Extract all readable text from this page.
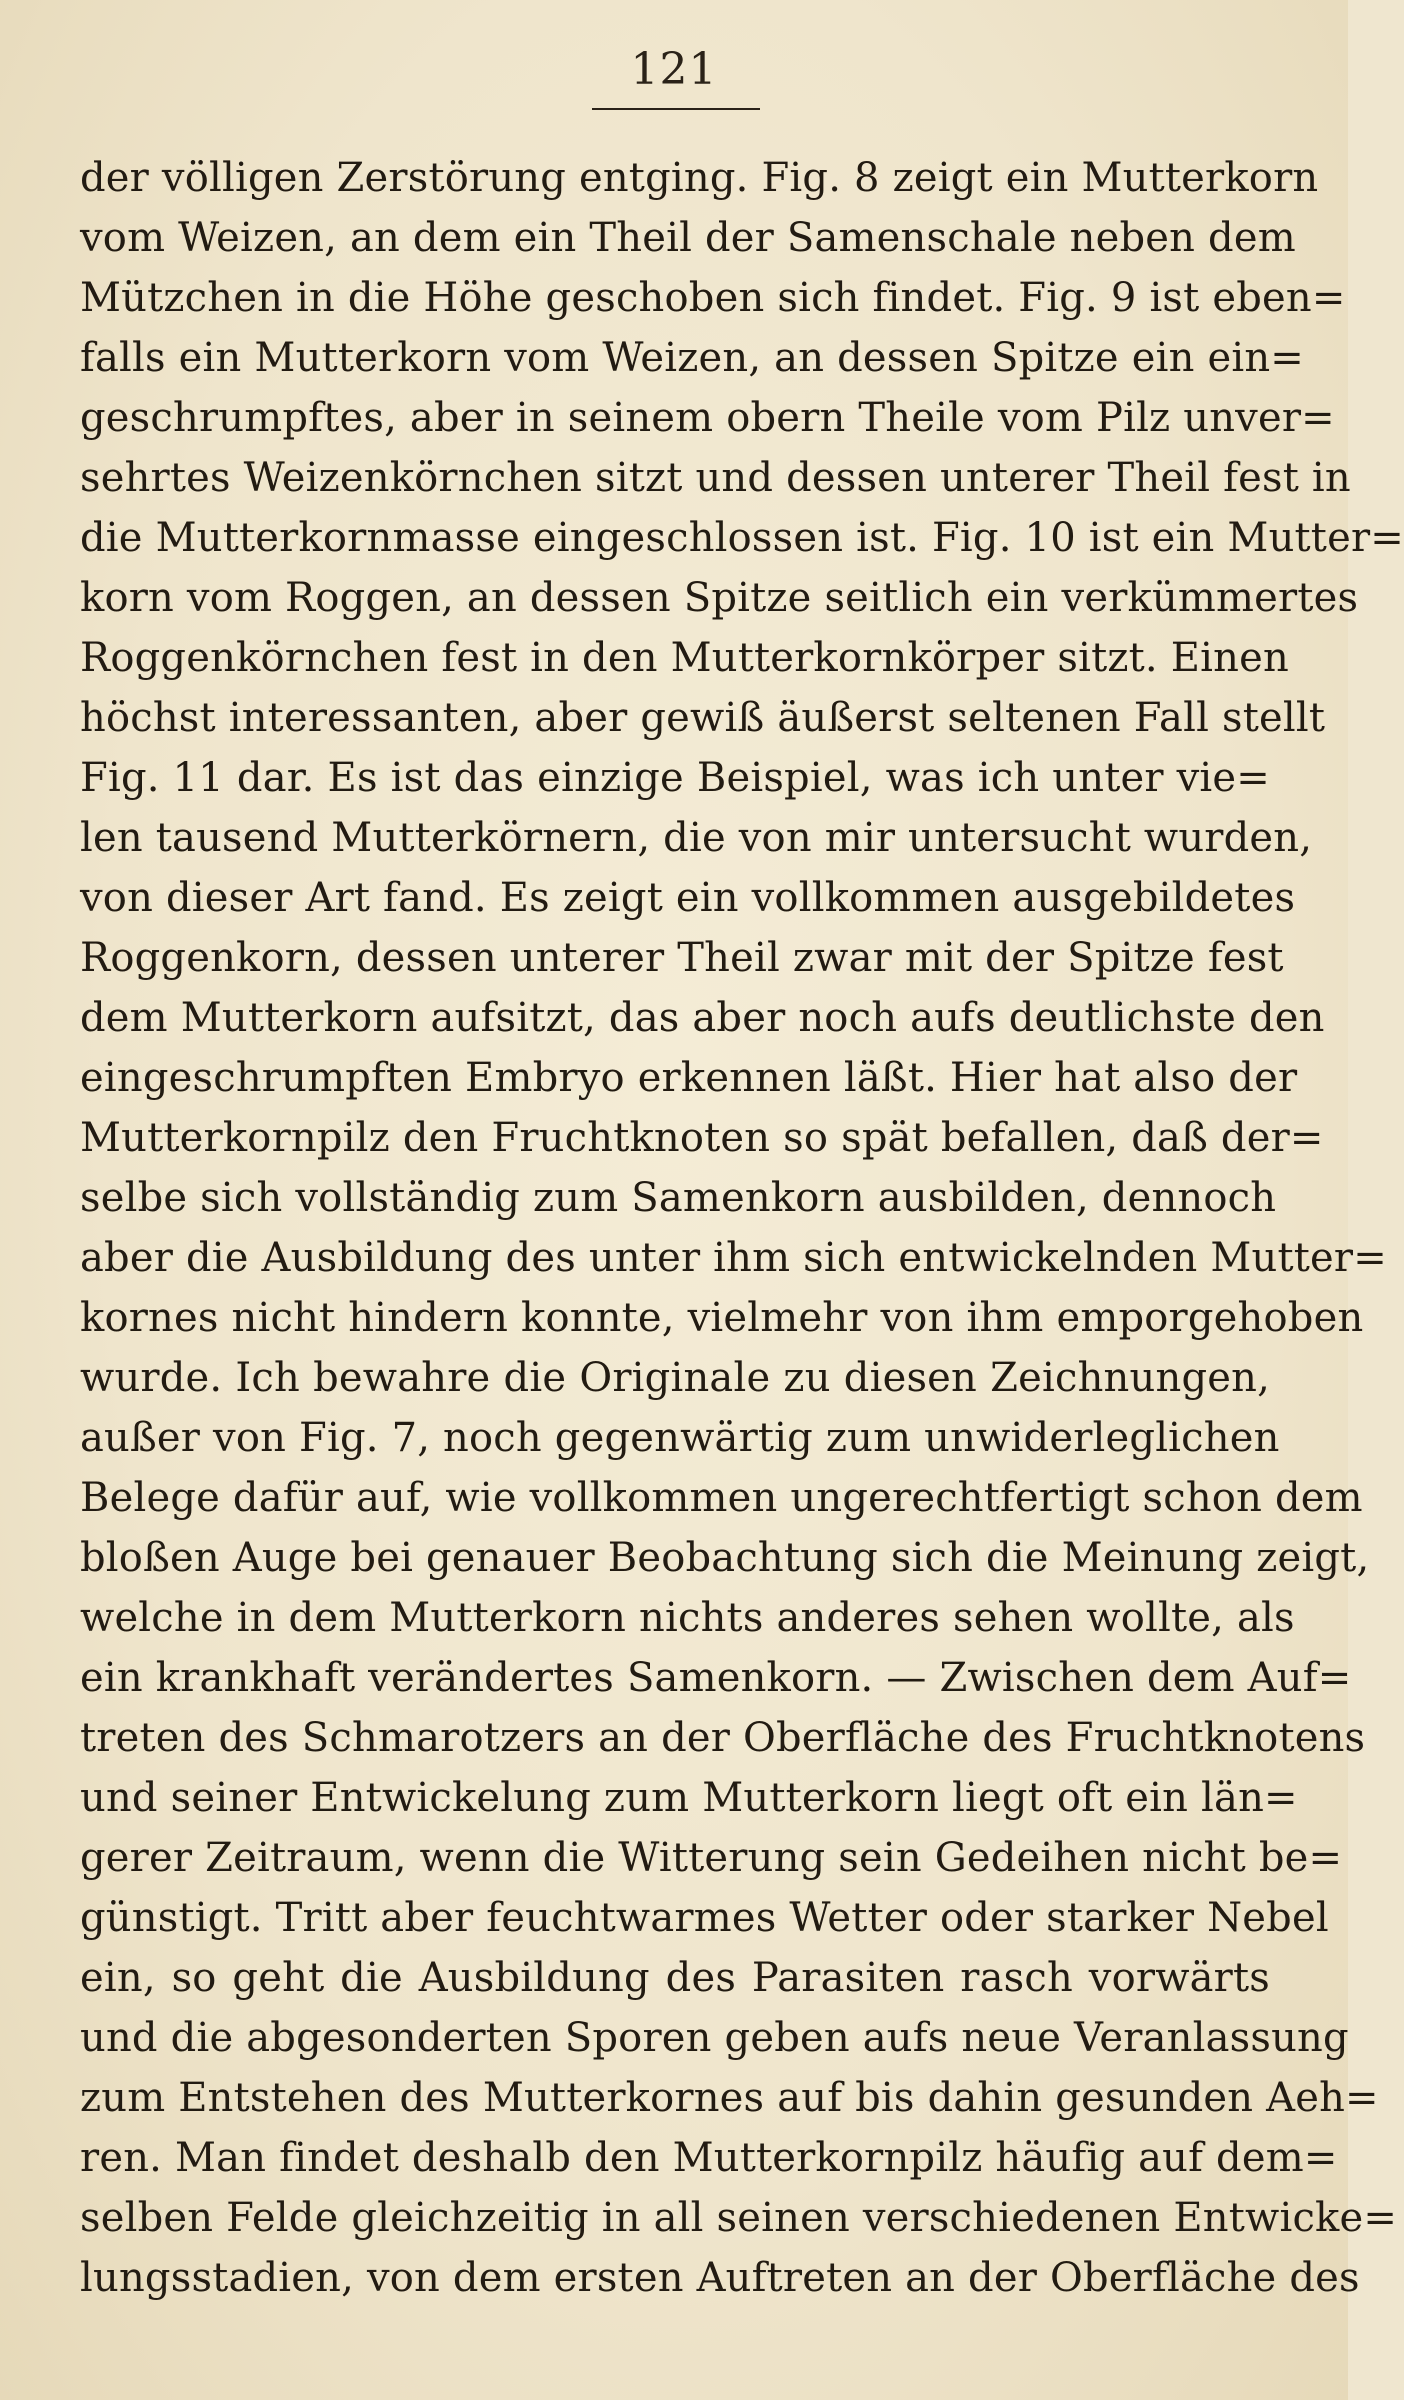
121
der völligen Zerstörung entging. Fig. 8 zeigt ein Mutterkorn
vom Weizen, an dem ein Theil der Samenschale neben dem
Mützchen in die Höhe geschoben sich findet. Fig. 9 ist eben=
falls ein Mutterkorn vom Weizen, an dessen Spitze ein ein=
geschrumpftes, aber in seinem obern Theile vom Pilz unver=
sehrtes Weizenkörnchen sitzt und dessen unterer Theil fest in
die Mutterkornmasse eingeschlossen ist. Fig. 10 ist ein Mutter=
korn vom Roggen, an dessen Spitze seitlich ein verkümmertes
Roggenkörnchen fest in den Mutterkornkörper sitzt. Einen
höchst interessanten, aber gewiß äußerst seltenen Fall stellt
Fig. 11 dar. Es ist das einzige Beispiel, was ich unter vie=
len tausend Mutterkörnern, die von mir untersucht wurden,
von dieser Art fand. Es zeigt ein vollkommen ausgebildetes
Roggenkorn, dessen unterer Theil zwar mit der Spitze fest
dem Mutterkorn aufsitzt, das aber noch aufs deutlichste den
eingeschrumpften Embryo erkennen läßt. Hier hat also der
Mutterkornpilz den Fruchtknoten so spät befallen, daß der=
selbe sich vollständig zum Samenkorn ausbilden, dennoch
aber die Ausbildung des unter ihm sich entwickelnden Mutter=
kornes nicht hindern konnte, vielmehr von ihm emporgehoben
wurde. Ich bewahre die Originale zu diesen Zeichnungen,
außer von Fig. 7, noch gegenwärtig zum unwiderleglichen
Belege dafür auf, wie vollkommen ungerechtfertigt schon dem
bloßen Auge bei genauer Beobachtung sich die Meinung zeigt,
welche in dem Mutterkorn nichts anderes sehen wollte, als
ein krankhaft verändertes Samenkorn. — Zwischen dem Auf=
treten des Schmarotzers an der Oberfläche des Fruchtknotens
und seiner Entwickelung zum Mutterkorn liegt oft ein län=
gerer Zeitraum, wenn die Witterung sein Gedeihen nicht be=
günstigt. Tritt aber feuchtwarmes Wetter oder starker Nebel
ein, so geht die Ausbildung des Parasiten rasch vorwärts
und die abgesonderten Sporen geben aufs neue Veranlassung
zum Entstehen des Mutterkornes auf bis dahin gesunden Aeh=
ren. Man findet deshalb den Mutterkornpilz häufig auf dem=
selben Felde gleichzeitig in all seinen verschiedenen Entwicke=
lungsstadien, von dem ersten Auftreten an der Oberfläche des
